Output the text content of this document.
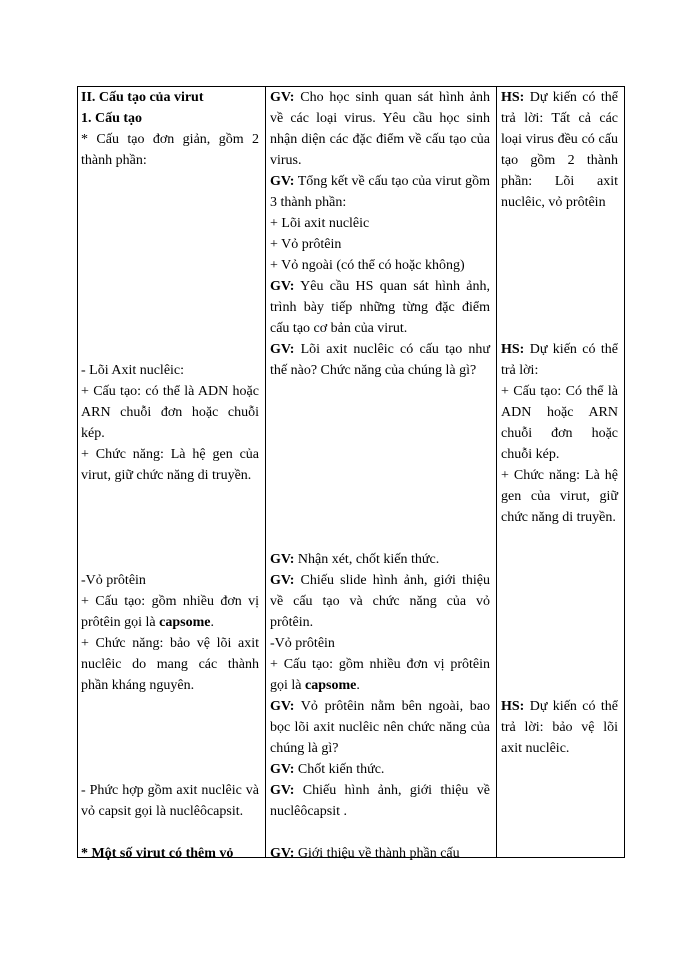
II. Cấu tạo của virut
1. Cấu tạo
* Cấu tạo đơn giản, gồm 2 thành phần:
- Lõi Axit nuclêic:
+ Cấu tạo: có thể là ADN hoặc ARN chuỗi đơn hoặc chuỗi kép.
+ Chức năng: Là hệ gen của virut, giữ chức năng di truyền.
-Vỏ prôtêin
+ Cấu tạo: gồm nhiều đơn vị prôtêin gọi là capsome.
+ Chức năng: bảo vệ lõi axit nuclêic do mang các thành phần kháng nguyên.
- Phức hợp gồm axit nuclêic và vỏ capsit gọi là nuclêôcapsit.
* Một số virut có thêm vỏ
GV: Cho học sinh quan sát hình ảnh về các loại virus. Yêu cầu học sinh nhận diện các đặc điểm về cấu tạo của virus.
GV: Tổng kết về cấu tạo của virut gồm 3 thành phần:
+ Lõi axit nuclêic
+ Vỏ prôtêin
+ Vỏ ngoài (có thể có hoặc không)
GV: Yêu cầu HS quan sát hình ảnh, trình bày tiếp những từng đặc điểm cấu tạo cơ bản của virut.
GV: Lõi axit nuclêic có cấu tạo như thế nào? Chức năng của chúng là gì?
GV: Nhận xét, chốt kiến thức.
GV: Chiếu slide hình ảnh, giới thiệu về cấu tạo và chức năng của vỏ prôtêin.
-Vỏ prôtêin
+ Cấu tạo: gồm nhiều đơn vị prôtêin gọi là capsome.
GV: Vỏ prôtêin nằm bên ngoài, bao bọc lõi axit nuclêic nên chức năng của chúng là gì?
GV: Chốt kiến thức.
GV: Chiếu hình ảnh, giới thiệu về nuclêôcapsit .
GV: Giới thiệu về thành phần cấu
HS: Dự kiến có thể trả lời: Tất cả các loại virus đều có cấu tạo gồm 2 thành phần: Lõi axit nuclêic, vỏ prôtêin
HS: Dự kiến có thể trả lời:
+ Cấu tạo: Có thể là ADN hoặc ARN chuỗi đơn hoặc chuỗi kép.
+ Chức năng: Là hệ gen của virut, giữ chức năng di truyền.
HS: Dự kiến có thể trả lời: bảo vệ lõi axit nuclêic.
